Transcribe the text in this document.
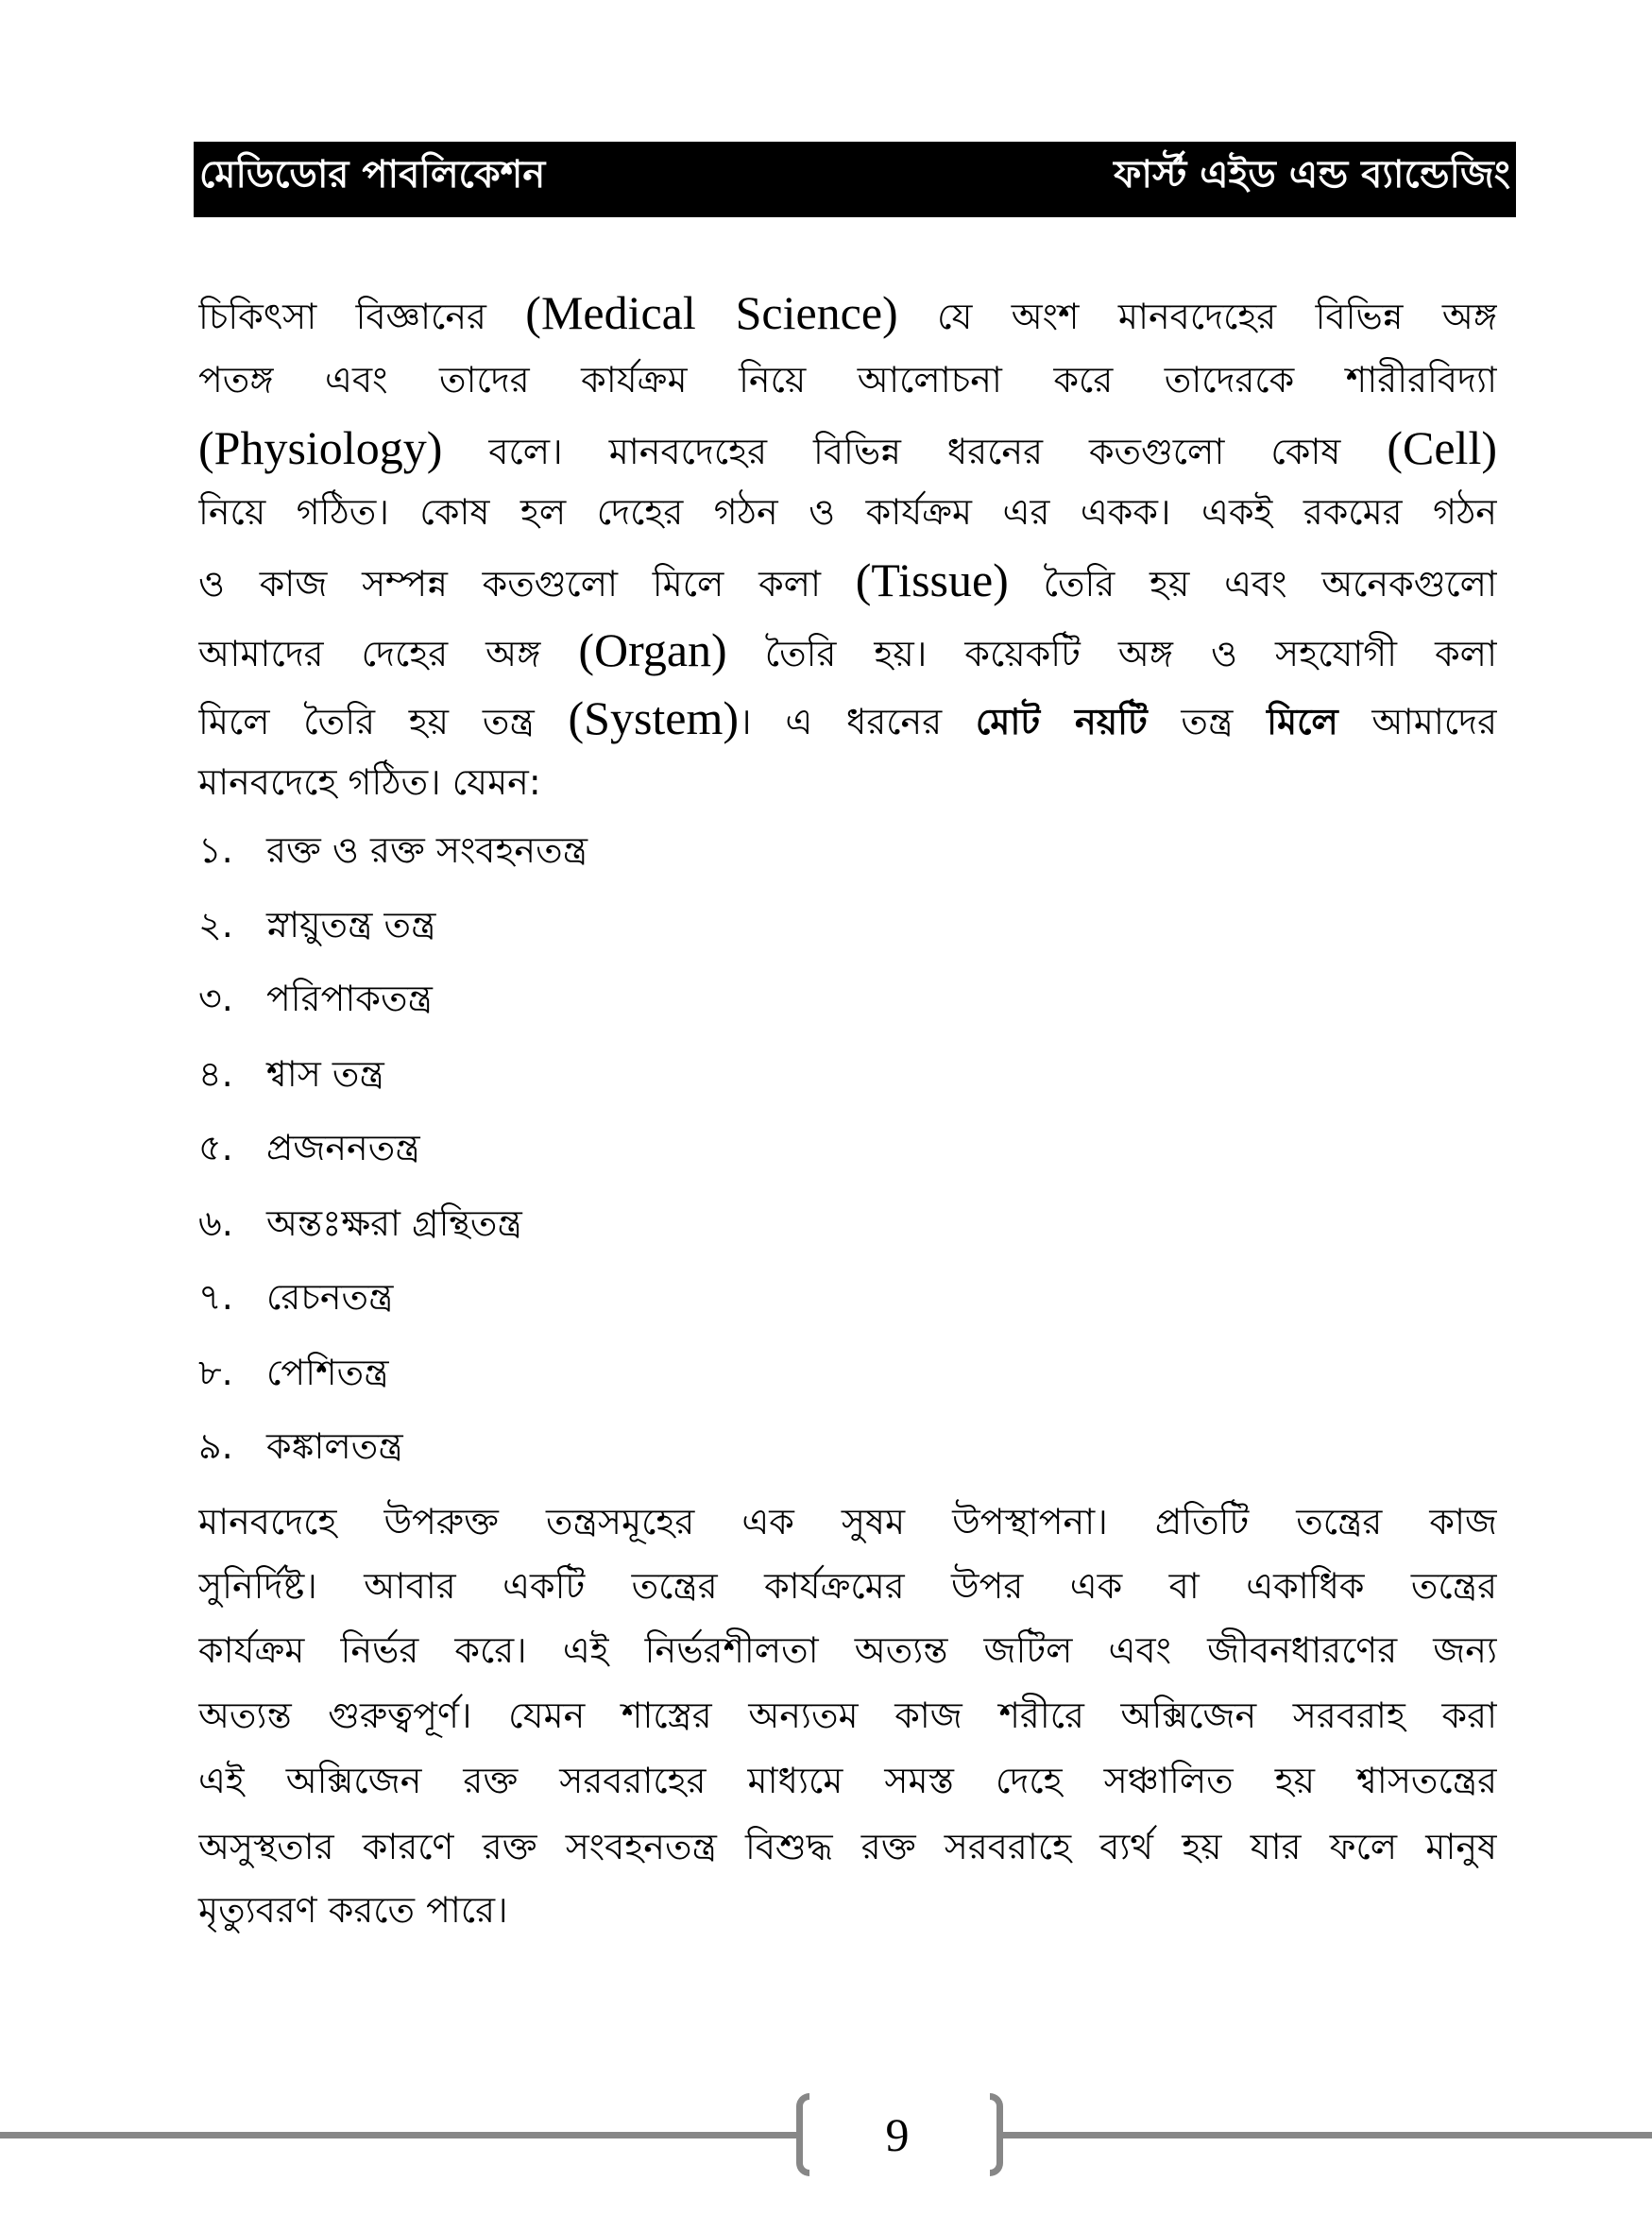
মেডিডোর পাবলিকেশন	ফার্স্ট এইড এন্ড ব্যান্ডেজিং
চিকিৎসা বিজ্ঞানের (Medical Science) যে অংশ মানবদেহের বিভিন্ন অঙ্গ
পতঙ্গ এবং তাদের কার্যক্রম নিয়ে আলোচনা করে তাদেরকে শারীরবিদ্যা
(Physiology) বলে। মানবদেহের বিভিন্ন ধরনের কতগুলো কোষ (Cell)
নিয়ে গঠিত। কোষ হল দেহের গঠন ও কার্যক্রম এর একক। একই রকমের গঠন
ও কাজ সম্পন্ন কতগুলো মিলে কলা (Tissue) তৈরি হয় এবং অনেকগুলো
আমাদের দেহের অঙ্গ (Organ) তৈরি হয়। কয়েকটি অঙ্গ ও সহযোগী কলা
মিলে তৈরি হয় তন্ত্র (System)। এ ধরনের মোট নয়টি তন্ত্র মিলে আমাদের
মানবদেহে গঠিত। যেমন:
১. রক্ত ও রক্ত সংবহনতন্ত্র
২. স্নায়ুতন্ত্র তন্ত্র
৩. পরিপাকতন্ত্র
৪. শ্বাস তন্ত্র
৫. প্রজননতন্ত্র
৬. অন্তঃক্ষরা গ্রন্থিতন্ত্র
৭. রেচনতন্ত্র
৮. পেশিতন্ত্র
৯. কঙ্কালতন্ত্র
মানবদেহে উপরুক্ত তন্ত্রসমূহের এক সুষম উপস্থাপনা। প্রতিটি তন্ত্রের কাজ
সুনির্দিষ্ট। আবার একটি তন্ত্রের কার্যক্রমের উপর এক বা একাধিক তন্ত্রের
কার্যক্রম নির্ভর করে। এই নির্ভরশীলতা অত্যন্ত জটিল এবং জীবনধারণের জন্য
অত্যন্ত গুরুত্বপূর্ণ। যেমন শাস্ত্রের অন্যতম কাজ শরীরে অক্সিজেন সরবরাহ করা
এই অক্সিজেন রক্ত সরবরাহের মাধ্যমে সমস্ত দেহে সঞ্চালিত হয় শ্বাসতন্ত্রের
অসুস্থতার কারণে রক্ত সংবহনতন্ত্র বিশুদ্ধ রক্ত সরবরাহে ব্যর্থ হয় যার ফলে মানুষ
মৃত্যুবরণ করতে পারে।
9
